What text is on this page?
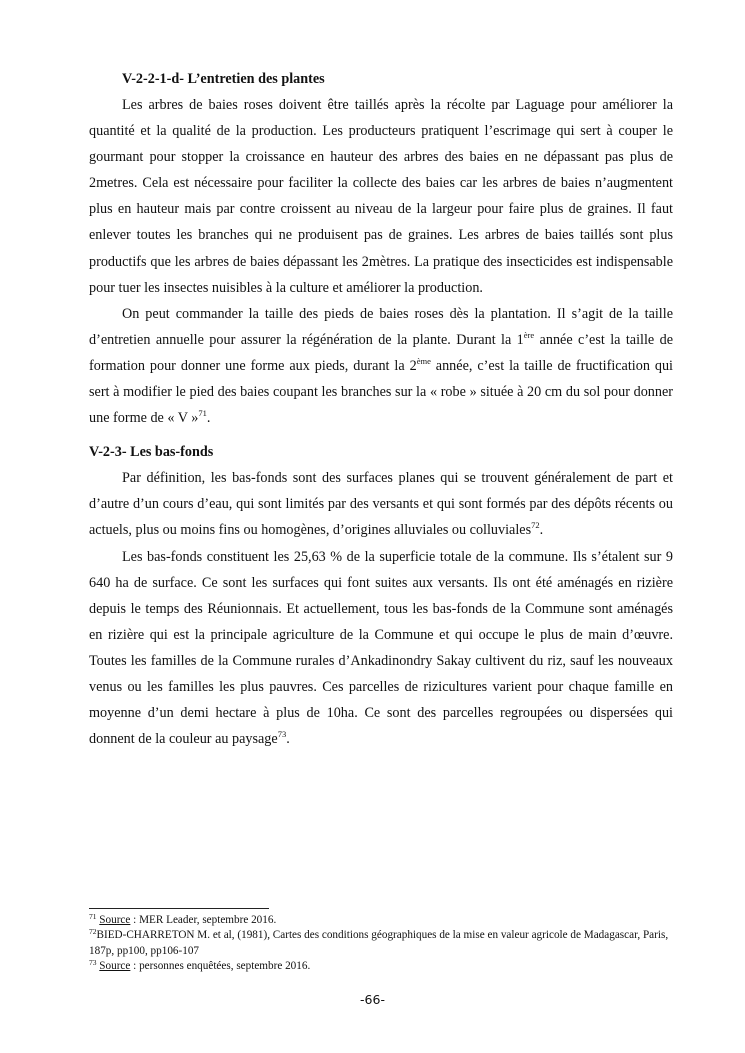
V-2-2-1-d- L’entretien des plantes

Les arbres de baies roses doivent être taillés après la récolte par Laguage pour améliorer la quantité et la qualité de la production. Les producteurs pratiquent l’escrimage qui sert à couper le gourmant pour stopper la croissance en hauteur des arbres des baies en ne dépassant pas plus de 2metres. Cela est nécessaire pour faciliter la collecte des baies car les arbres de baies n’augmentent plus en hauteur mais par contre croissent au niveau de la largeur pour faire plus de graines. Il faut enlever toutes les branches qui ne produisent pas de graines. Les arbres de baies taillés sont plus productifs que les arbres de baies dépassant les 2mètres. La pratique des insecticides est indispensable pour tuer les insectes nuisibles à la culture et améliorer la production.

On peut commander la taille des pieds de baies roses dès la plantation. Il s’agit de la taille d’entretien annuelle pour assurer la régénération de la plante. Durant la 1ère année c’est la taille de formation pour donner une forme aux pieds, durant la 2ème année, c’est la taille de fructification qui sert à modifier le pied des baies coupant les branches sur la « robe » située à 20 cm du sol pour donner une forme de « V »$^{71}$.

V-2-3- Les bas-fonds

Par définition, les bas-fonds sont des surfaces planes qui se trouvent généralement de part et d’autre d’un cours d’eau, qui sont limités par des versants et qui sont formés par des dépôts récents ou actuels, plus ou moins fins ou homogènes, d’origines alluviales ou colluviales$^{72}$.

Les bas-fonds constituent les 25,63 % de la superficie totale de la commune. Ils s’étalent sur 9 640 ha de surface. Ce sont les surfaces qui font suites aux versants. Ils ont été aménagés en rizière depuis le temps des Réunionnais. Et actuellement, tous les bas-fonds de la Commune sont aménagés en rizière qui est la principale agriculture de la Commune et qui occupe le plus de main d’œuvre. Toutes les familles de la Commune rurales d’Ankadinondry Sakay cultivent du riz, sauf les nouveaux venus ou les familles les plus pauvres. Ces parcelles de rizicultures varient pour chaque famille en moyenne d’un demi hectare à plus de 10ha. Ce sont des parcelles regroupées ou dispersées qui donnent de la couleur au paysage$^{73}$.

$^{71}$ Source : MER Leader, septembre 2016.
$^{72}$BIED-CHARRETON M. et al, (1981), Cartes des conditions géographiques de la mise en valeur agricole de Madagascar, Paris, 187p, pp100, pp106-107
$^{73}$ Source : personnes enquêtées, septembre 2016.
-66-
